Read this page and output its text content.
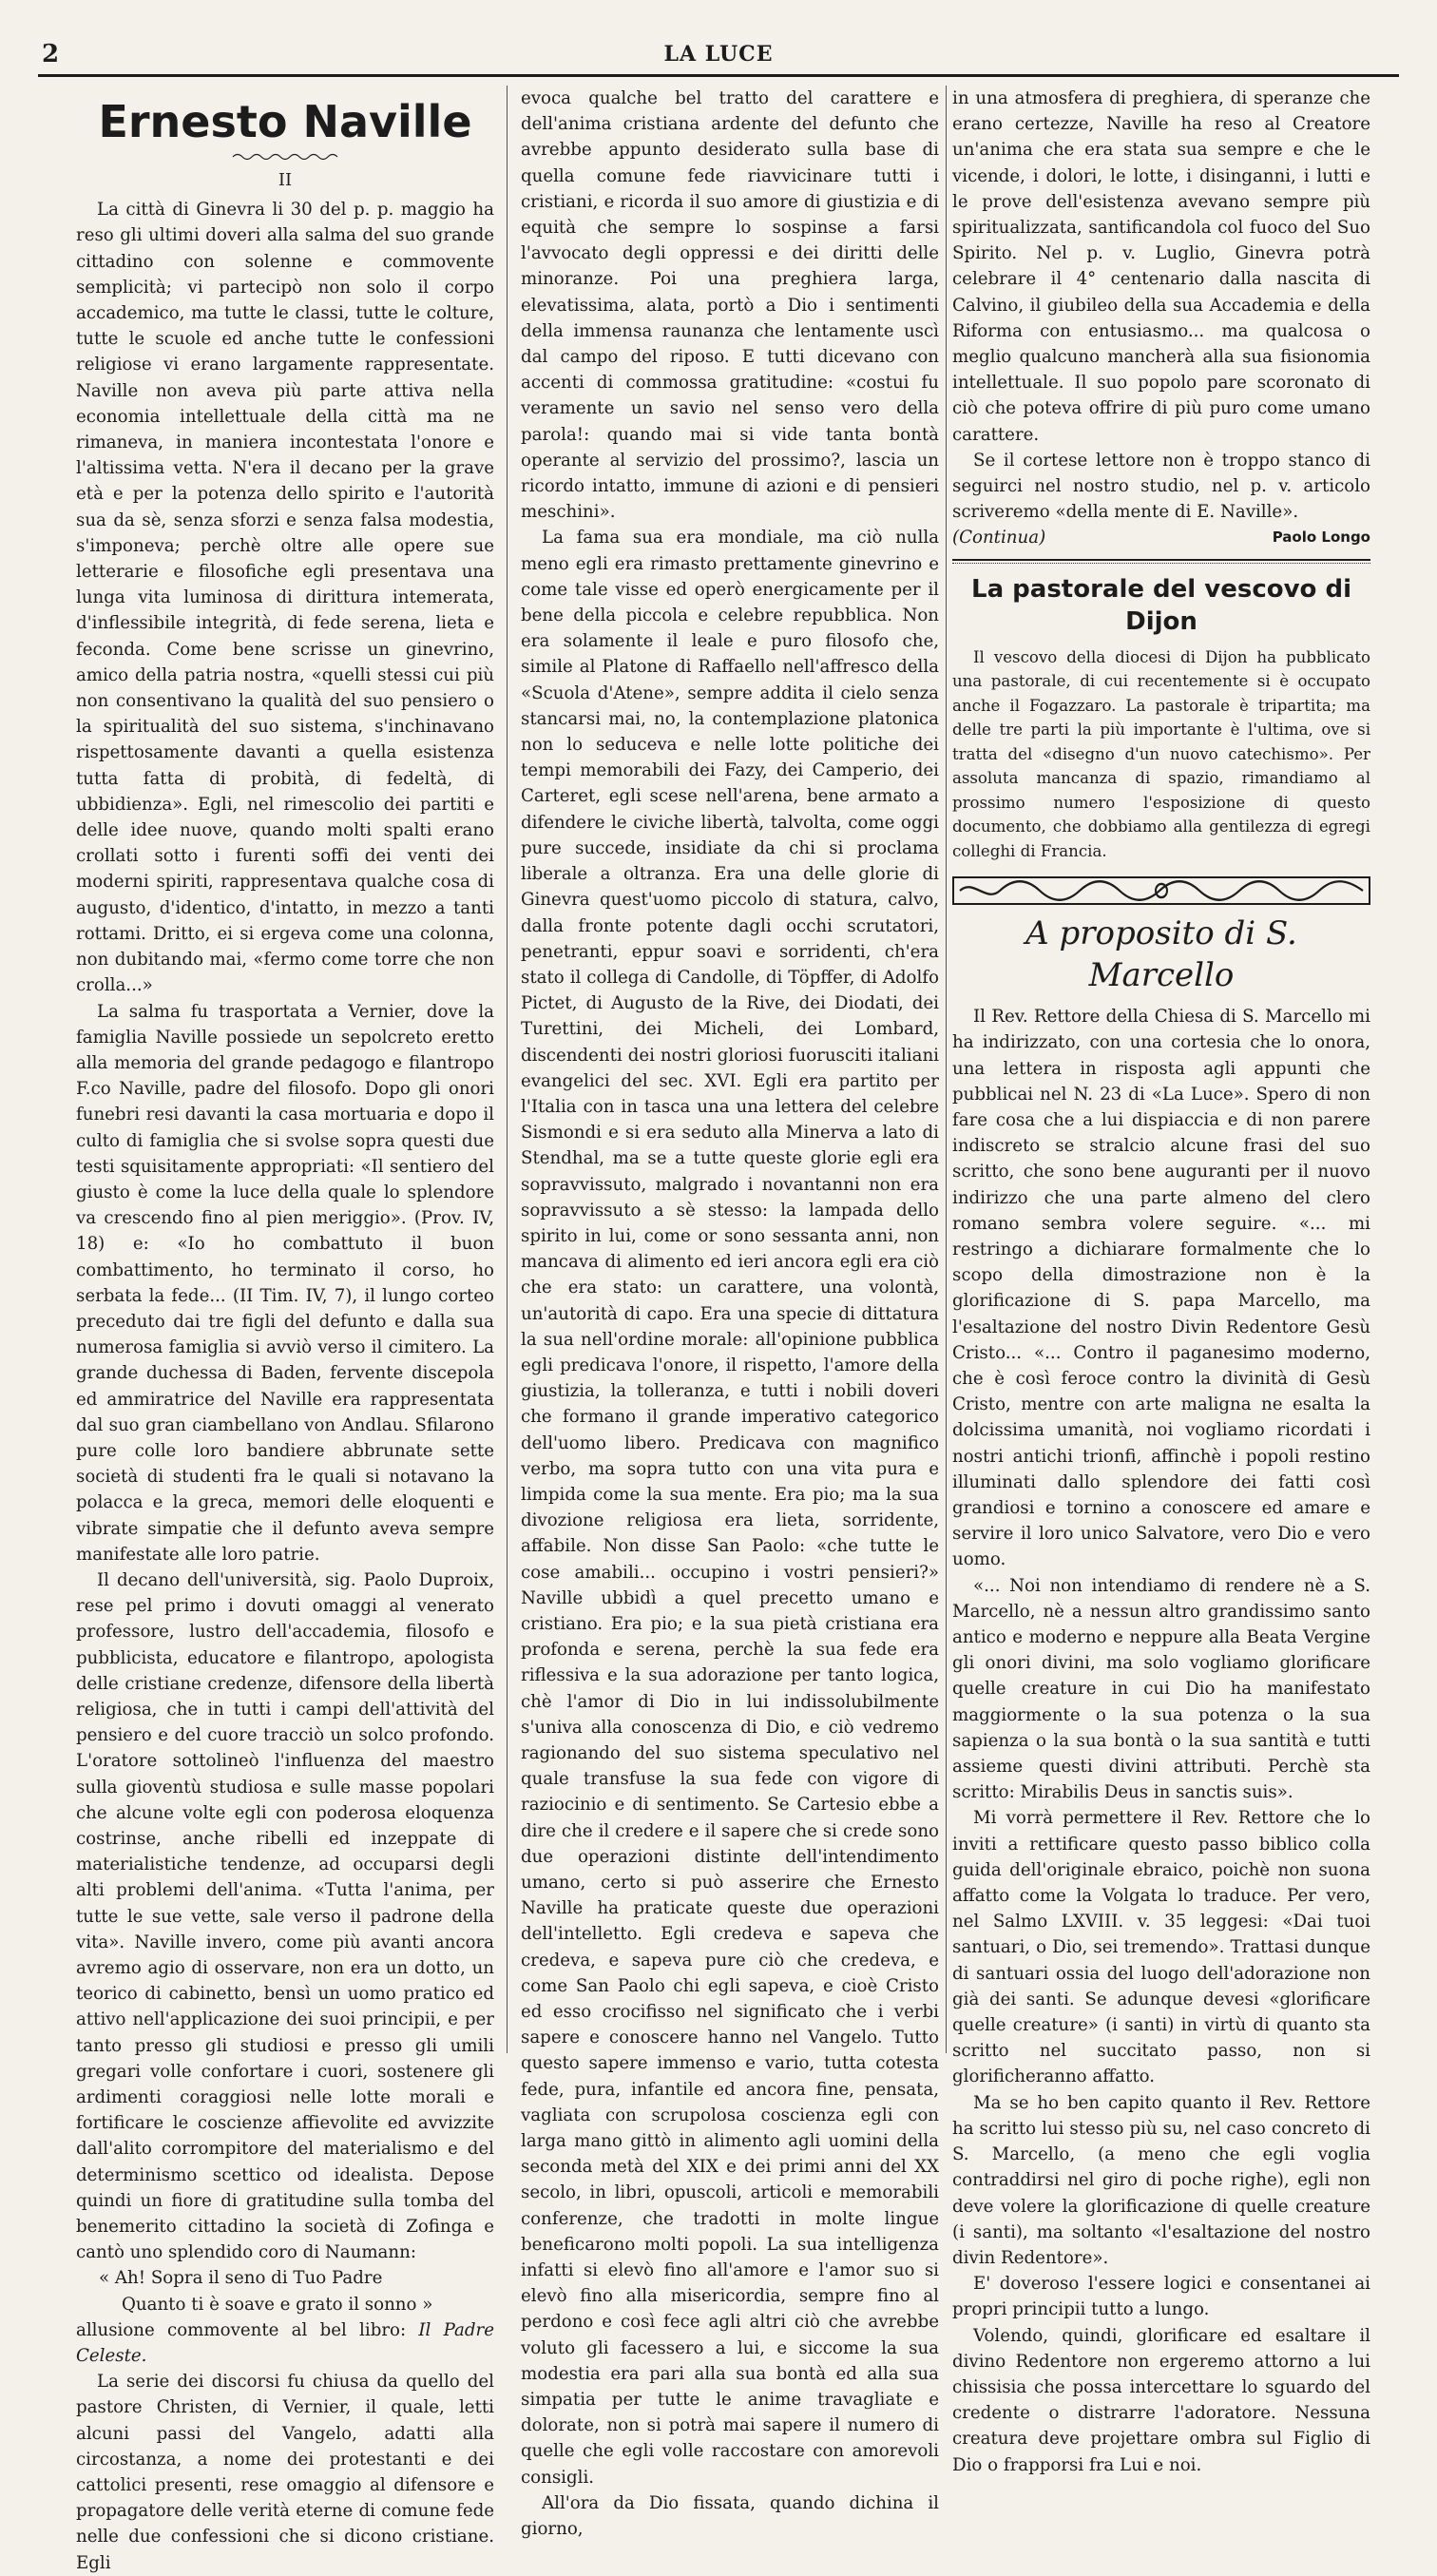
2	LA LUCE
Ernesto Naville
II

La città di Ginevra li 30 del p. p. maggio ha reso gli ultimi doveri alla salma del suo grande cittadino con solenne e commovente semplicità; vi partecipò non solo il corpo accademico, ma tutte le classi, tutte le colture, tutte le scuole ed anche tutte le confessioni religiose vi erano largamente rappresentate. Naville non aveva più parte attiva nella economia intellettuale della città ma ne rimaneva, in maniera incontestata l'onore e l'altissima vetta. N'era il decano per la grave età e per la potenza dello spirito e l'autorità sua da sè, senza sforzi e senza falsa modestia, s'imponeva; perchè oltre alle opere sue letterarie e filosofiche egli presentava una lunga vita luminosa di dirittura intemerata, d'inflessibile integrità, di fede serena, lieta e feconda. Come bene scrisse un ginevrino, amico della patria nostra, «quelli stessi cui più non consentivano la qualità del suo pensiero o la spiritualità del suo sistema, s'inchinavano rispettosamente davanti a quella esistenza tutta fatta di probità, di fedeltà, di ubbidienza». Egli, nel rimescolio dei partiti e delle idee nuove, quando molti spalti erano crollati sotto i furenti soffi dei venti dei moderni spiriti, rappresentava qualche cosa di augusto, d'identico, d'intatto, in mezzo a tanti rottami. Dritto, ei si ergeva come una colonna, non dubitando mai, «fermo come torre che non crolla...»

La salma fu trasportata a Vernier, dove la famiglia Naville possiede un sepolcreto eretto alla memoria del grande pedagogo e filantropo F.co Naville, padre del filosofo. Dopo gli onori funebri resi davanti la casa mortuaria e dopo il culto di famiglia che si svolse sopra questi due testi squisitamente appropriati: «Il sentiero del giusto è come la luce della quale lo splendore va crescendo fino al pien meriggio». (Prov. IV, 18) e: «Io ho combattuto il buon combattimento, ho terminato il corso, ho serbata la fede... (II Tim. IV, 7), il lungo corteo preceduto dai tre figli del defunto e dalla sua numerosa famiglia si avviò verso il cimitero. La grande duchessa di Baden, fervente discepola ed ammiratrice del Naville era rappresentata dal suo gran ciambellano von Andlau. Sfilarono pure colle loro bandiere abbrunate sette società di studenti fra le quali si notavano la polacca e la greca, memori delle eloquenti e vibrate simpatie che il defunto aveva sempre manifestate alle loro patrie.

Il decano dell'università, sig. Paolo Duproix, rese pel primo i dovuti omaggi al venerato professore, lustro dell'accademia, filosofo e pubblicista, educatore e filantropo, apologista delle cristiane credenze, difensore della libertà religiosa, che in tutti i campi dell'attività del pensiero e del cuore tracciò un solco profondo. L'oratore sottolineò l'influenza del maestro sulla gioventù studiosa e sulle masse popolari che alcune volte egli con poderosa eloquenza costrinse, anche ribelli ed inzeppate di materialistiche tendenze, ad occuparsi degli alti problemi dell'anima. «Tutta l'anima, per tutte le sue vette, sale verso il padrone della vita». Naville invero, come più avanti ancora avremo agio di osservare, non era un dotto, un teorico di cabinetto, bensì un uomo pratico ed attivo nell'applicazione dei suoi principii, e per tanto presso gli studiosi e presso gli umili gregari volle confortare i cuori, sostenere gli ardimenti coraggiosi nelle lotte morali e fortificare le coscienze affievolite ed avvizzite dall'alito corrompitore del materialismo e del determinismo scettico od idealista. Depose quindi un fiore di gratitudine sulla tomba del benemerito cittadino la società di Zofinga e cantò uno splendido coro di Naumann:

« Ah! Sopra il seno di Tuo Padre

Quanto ti è soave e grato il sonno »

allusione commovente al bel libro: Il Padre Celeste.

La serie dei discorsi fu chiusa da quello del pastore Christen, di Vernier, il quale, letti alcuni passi del Vangelo, adatti alla circostanza, a nome dei protestanti e dei cattolici presenti, rese omaggio al difensore e propagatore delle verità eterne di comune fede nelle due confessioni che si dicono cristiane. Egli

evoca qualche bel tratto del carattere e dell'anima cristiana ardente del defunto che avrebbe appunto desiderato sulla base di quella comune fede riavvicinare tutti i cristiani, e ricorda il suo amore di giustizia e di equità che sempre lo sospinse a farsi l'avvocato degli oppressi e dei diritti delle minoranze. Poi una preghiera larga, elevatissima, alata, portò a Dio i sentimenti della immensa raunanza che lentamente uscì dal campo del riposo. E tutti dicevano con accenti di commossa gratitudine: «costui fu veramente un savio nel senso vero della parola!: quando mai si vide tanta bontà operante al servizio del prossimo?, lascia un ricordo intatto, immune di azioni e di pensieri meschini».

La fama sua era mondiale, ma ciò nulla meno egli era rimasto prettamente ginevrino e come tale visse ed operò energicamente per il bene della piccola e celebre repubblica. Non era solamente il leale e puro filosofo che, simile al Platone di Raffaello nell'affresco della «Scuola d'Atene», sempre addita il cielo senza stancarsi mai, no, la contemplazione platonica non lo seduceva e nelle lotte politiche dei tempi memorabili dei Fazy, dei Camperio, dei Carteret, egli scese nell'arena, bene armato a difendere le civiche libertà, talvolta, come oggi pure succede, insidiate da chi si proclama liberale a oltranza. Era una delle glorie di Ginevra quest'uomo piccolo di statura, calvo, dalla fronte potente dagli occhi scrutatori, penetranti, eppur soavi e sorridenti, ch'era stato il collega di Candolle, di Töpffer, di Adolfo Pictet, di Augusto de la Rive, dei Diodati, dei Turettini, dei Micheli, dei Lombard, discendenti dei nostri gloriosi fuorusciti italiani evangelici del sec. XVI. Egli era partito per l'Italia con in tasca una una lettera del celebre Sismondi e si era seduto alla Minerva a lato di Stendhal, ma se a tutte queste glorie egli era sopravvissuto, malgrado i novantanni non era sopravvissuto a sè stesso: la lampada dello spirito in lui, come or sono sessanta anni, non mancava di alimento ed ieri ancora egli era ciò che era stato: un carattere, una volontà, un'autorità di capo. Era una specie di dittatura la sua nell'ordine morale: all'opinione pubblica egli predicava l'onore, il rispetto, l'amore della giustizia, la tolleranza, e tutti i nobili doveri che formano il grande imperativo categorico dell'uomo libero. Predicava con magnifico verbo, ma sopra tutto con una vita pura e limpida come la sua mente. Era pio; ma la sua divozione religiosa era lieta, sorridente, affabile. Non disse San Paolo: «che tutte le cose amabili... occupino i vostri pensieri?» Naville ubbidì a quel precetto umano e cristiano. Era pio; e la sua pietà cristiana era profonda e serena, perchè la sua fede era riflessiva e la sua adorazione per tanto logica, chè l'amor di Dio in lui indissolubilmente s'univa alla conoscenza di Dio, e ciò vedremo ragionando del suo sistema speculativo nel quale transfuse la sua fede con vigore di raziocinio e di sentimento. Se Cartesio ebbe a dire che il credere e il sapere che si crede sono due operazioni distinte dell'intendimento umano, certo si può asserire che Ernesto Naville ha praticate queste due operazioni dell'intelletto. Egli credeva e sapeva che credeva, e sapeva pure ciò che credeva, e come San Paolo chi egli sapeva, e cioè Cristo ed esso crocifisso nel significato che i verbi sapere e conoscere hanno nel Vangelo. Tutto questo sapere immenso e vario, tutta cotesta fede, pura, infantile ed ancora fine, pensata, vagliata con scrupolosa coscienza egli con larga mano gittò in alimento agli uomini della seconda metà del XIX e dei primi anni del XX secolo, in libri, opuscoli, articoli e memorabili conferenze, che tradotti in molte lingue beneficarono molti popoli. La sua intelligenza infatti si elevò fino all'amore e l'amor suo si elevò fino alla misericordia, sempre fino al perdono e così fece agli altri ciò che avrebbe voluto gli facessero a lui, e siccome la sua modestia era pari alla sua bontà ed alla sua simpatia per tutte le anime travagliate e dolorate, non si potrà mai sapere il numero di quelle che egli volle raccostare con amorevoli consigli.

All'ora da Dio fissata, quando dichina il giorno,

in una atmosfera di preghiera, di speranze che erano certezze, Naville ha reso al Creatore un'anima che era stata sua sempre e che le vicende, i dolori, le lotte, i disinganni, i lutti e le prove dell'esistenza avevano sempre più spiritualizzata, santificandola col fuoco del Suo Spirito. Nel p. v. Luglio, Ginevra potrà celebrare il 4° centenario dalla nascita di Calvino, il giubileo della sua Accademia e della Riforma con entusiasmo... ma qualcosa o meglio qualcuno mancherà alla sua fisionomia intellettuale. Il suo popolo pare scoronato di ciò che poteva offrire di più puro come umano carattere.

Se il cortese lettore non è troppo stanco di seguirci nel nostro studio, nel p. v. articolo scriveremo «della mente di E. Naville».

(Continua)	Paolo Longo
La pastorale del vescovo di Dijon

Il vescovo della diocesi di Dijon ha pubblicato una pastorale, di cui recentemente si è occupato anche il Fogazzaro. La pastorale è tripartita; ma delle tre parti la più importante è l'ultima, ove si tratta del «disegno d'un nuovo catechismo». Per assoluta mancanza di spazio, rimandiamo al prossimo numero l'esposizione di questo documento, che dobbiamo alla gentilezza di egregi colleghi di Francia.

A proposito di S. Marcello

Il Rev. Rettore della Chiesa di S. Marcello mi ha indirizzato, con una cortesia che lo onora, una lettera in risposta agli appunti che pubblicai nel N. 23 di «La Luce». Spero di non fare cosa che a lui dispiaccia e di non parere indiscreto se stralcio alcune frasi del suo scritto, che sono bene auguranti per il nuovo indirizzo che una parte almeno del clero romano sembra volere seguire. «... mi restringo a dichiarare formalmente che lo scopo della dimostrazione non è la glorificazione di S. papa Marcello, ma l'esaltazione del nostro Divin Redentore Gesù Cristo... «... Contro il paganesimo moderno, che è così feroce contro la divinità di Gesù Cristo, mentre con arte maligna ne esalta la dolcissima umanità, noi vogliamo ricordati i nostri antichi trionfi, affinchè i popoli restino illuminati dallo splendore dei fatti così grandiosi e tornino a conoscere ed amare e servire il loro unico Salvatore, vero Dio e vero uomo.

«... Noi non intendiamo di rendere nè a S. Marcello, nè a nessun altro grandissimo santo antico e moderno e neppure alla Beata Vergine gli onori divini, ma solo vogliamo glorificare quelle creature in cui Dio ha manifestato maggiormente o la sua potenza o la sua sapienza o la sua bontà o la sua santità e tutti assieme questi divini attributi. Perchè sta scritto: Mirabilis Deus in sanctis suis».

Mi vorrà permettere il Rev. Rettore che lo inviti a rettificare questo passo biblico colla guida dell'originale ebraico, poichè non suona affatto come la Volgata lo traduce. Per vero, nel Salmo LXVIII. v. 35 leggesi: «Dai tuoi santuari, o Dio, sei tremendo». Trattasi dunque di santuari ossia del luogo dell'adorazione non già dei santi. Se adunque devesi «glorificare quelle creature» (i santi) in virtù di quanto sta scritto nel succitato passo, non si glorificheranno affatto.

Ma se ho ben capito quanto il Rev. Rettore ha scritto lui stesso più su, nel caso concreto di S. Marcello, (a meno che egli voglia contraddirsi nel giro di poche righe), egli non deve volere la glorificazione di quelle creature (i santi), ma soltanto «l'esaltazione del nostro divin Redentore».

E' doveroso l'essere logici e consentanei ai propri principii tutto a lungo.

Volendo, quindi, glorificare ed esaltare il divino Redentore non ergeremo attorno a lui chissisia che possa intercettare lo sguardo del credente o distrarre l'adoratore. Nessuna creatura deve projettare ombra sul Figlio di Dio o frapporsi fra Lui e noi.
